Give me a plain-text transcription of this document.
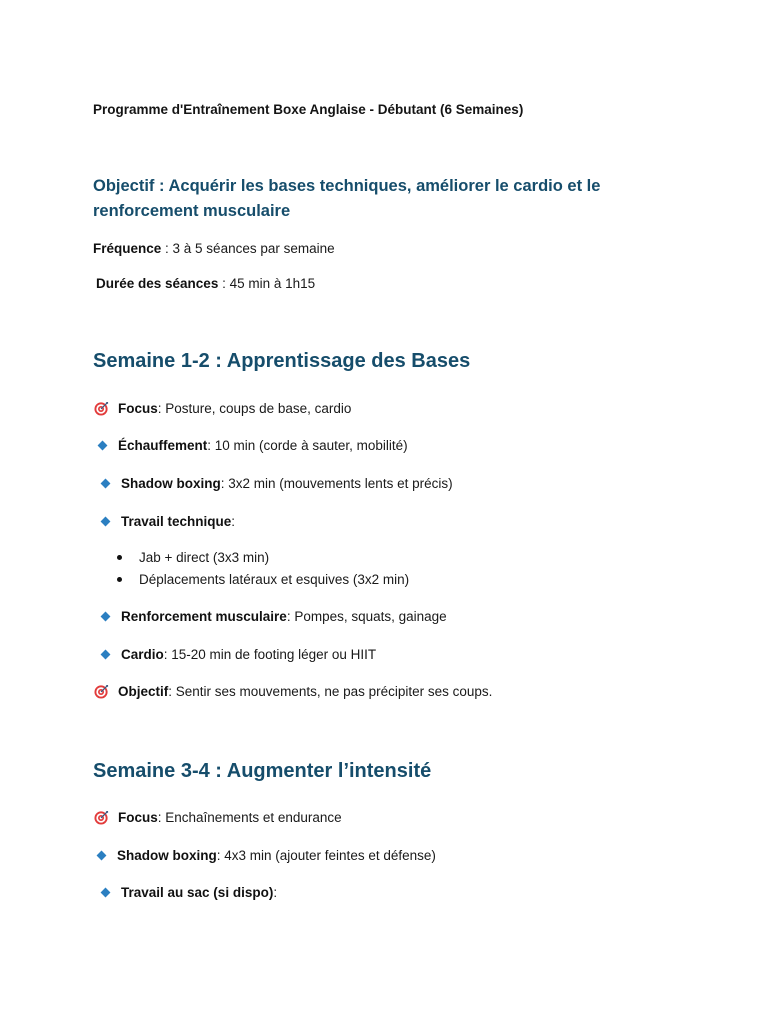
Programme d'Entraînement Boxe Anglaise - Débutant (6 Semaines)
Objectif : Acquérir les bases techniques, améliorer le cardio et le renforcement musculaire
Fréquence : 3 à 5 séances par semaine
Durée des séances : 45 min à 1h15
Semaine 1-2 : Apprentissage des Bases
Focus : Posture, coups de base, cardio
Échauffement : 10 min (corde à sauter, mobilité)
Shadow boxing : 3x2 min (mouvements lents et précis)
Travail technique :
Jab + direct (3x3 min)
Déplacements latéraux et esquives (3x2 min)
Renforcement musculaire : Pompes, squats, gainage
Cardio : 15-20 min de footing léger ou HIIT
Objectif : Sentir ses mouvements, ne pas précipiter ses coups.
Semaine 3-4 : Augmenter l’intensité
Focus : Enchaînements et endurance
Shadow boxing : 4x3 min (ajouter feintes et défense)
Travail au sac (si dispo) :
